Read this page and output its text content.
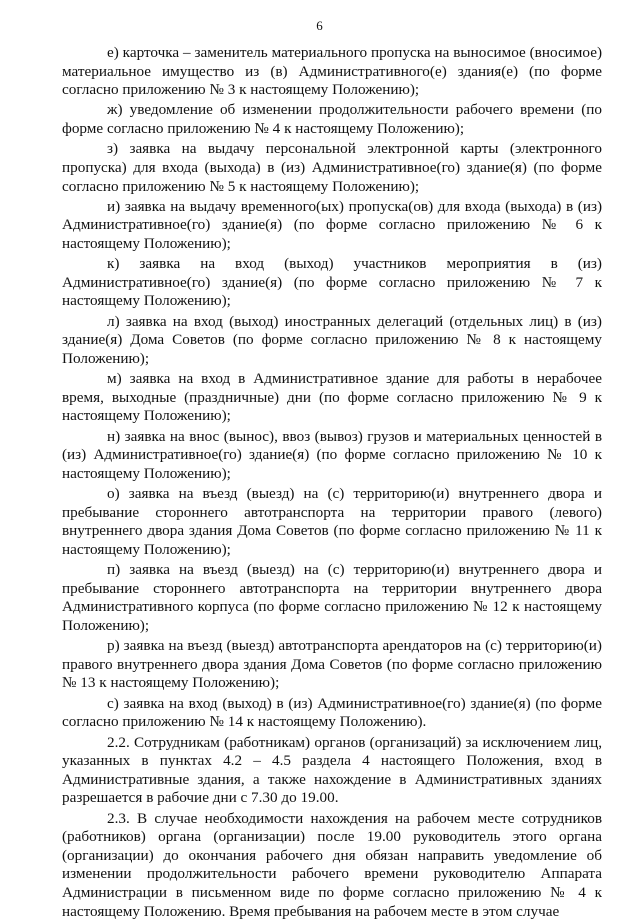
6

е) карточка – заменитель материального пропуска на выносимое (вносимое) материальное имущество из (в) Административного(е) здания(е) (по форме согласно приложению № 3 к настоящему Положению);

ж) уведомление об изменении продолжительности рабочего времени (по форме согласно приложению № 4 к настоящему Положению);

з) заявка на выдачу персональной электронной карты (электронного пропуска) для входа (выхода) в (из) Административное(го) здание(я) (по форме согласно приложению № 5 к настоящему Положению);

и) заявка на выдачу временного(ых) пропуска(ов) для входа (выхода) в (из) Административное(го) здание(я) (по форме согласно приложению № 6 к настоящему Положению);

к) заявка на вход (выход) участников мероприятия в (из) Административное(го) здание(я) (по форме согласно приложению № 7 к настоящему Положению);

л) заявка на вход (выход) иностранных делегаций (отдельных лиц) в (из) здание(я) Дома Советов (по форме согласно приложению № 8 к настоящему Положению);

м) заявка на вход в Административное здание для работы в нерабочее время, выходные (праздничные) дни (по форме согласно приложению № 9 к настоящему Положению);

н) заявка на внос (вынос), ввоз (вывоз) грузов и материальных ценностей в (из) Административное(го) здание(я) (по форме согласно приложению № 10 к настоящему Положению);

о) заявка на въезд (выезд) на (с) территорию(и) внутреннего двора и пребывание стороннего автотранспорта на территории правого (левого) внутреннего двора здания Дома Советов (по форме согласно приложению № 11 к настоящему Положению);

п) заявка на въезд (выезд) на (с) территорию(и) внутреннего двора и пребывание стороннего автотранспорта на территории внутреннего двора Административного корпуса (по форме согласно приложению № 12 к настоящему Положению);

р) заявка на въезд (выезд) автотранспорта арендаторов на (с) территорию(и) правого внутреннего двора здания Дома Советов (по форме согласно приложению № 13 к настоящему Положению);

с) заявка на вход (выход) в (из) Административное(го) здание(я) (по форме согласно приложению № 14 к настоящему Положению).

2.2. Сотрудникам (работникам) органов (организаций) за исключением лиц, указанных в пунктах 4.2 – 4.5 раздела 4 настоящего Положения, вход в Административные здания, а также нахождение в Административных зданиях разрешается в рабочие дни с 7.30 до 19.00.

2.3. В случае необходимости нахождения на рабочем месте сотрудников (работников) органа (организации) после 19.00 руководитель этого органа (организации) до окончания рабочего дня обязан направить уведомление об изменении продолжительности рабочего времени руководителю Аппарата Администрации в письменном виде по форме согласно приложению № 4 к настоящему Положению. Время пребывания на рабочем месте в этом случае
